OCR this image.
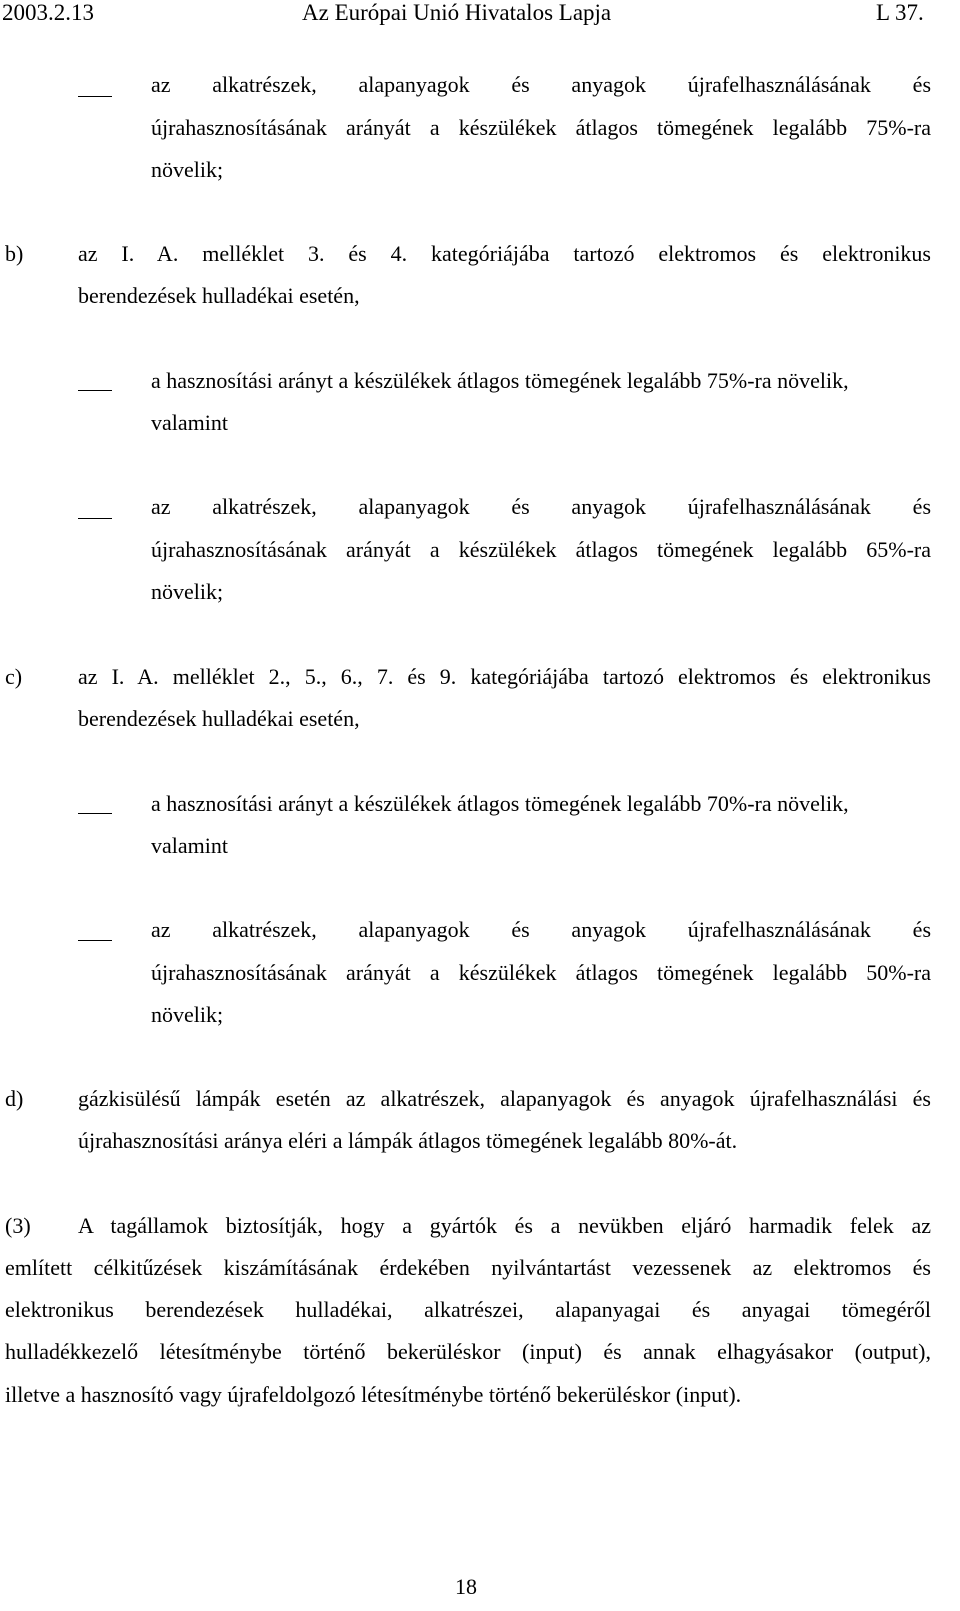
2003.2.13	Az Európai Unió Hivatalos Lapja	L 37.
az alkatrészek, alapanyagok és anyagok újrafelhasználásának és
újrahasznosításának arányát a készülékek átlagos tömegének legalább 75%-ra
növelik;
b) az I. A. melléklet 3. és 4. kategóriájába tartozó elektromos és elektronikus
berendezések hulladékai esetén,
a hasznosítási arányt a készülékek átlagos tömegének legalább 75%-ra növelik,
valamint
az alkatrészek, alapanyagok és anyagok újrafelhasználásának és
újrahasznosításának arányát a készülékek átlagos tömegének legalább 65%-ra
növelik;
c)	az I. A. melléklet 2., 5., 6., 7. és 9. kategóriájába tartozó elektromos és elektronikus
berendezések hulladékai esetén,
a hasznosítási arányt a készülékek átlagos tömegének legalább 70%-ra növelik,
valamint
az alkatrészek, alapanyagok és anyagok újrafelhasználásának és
újrahasznosításának arányát a készülékek átlagos tömegének legalább 50%-ra
növelik;
d) gázkisülésű lámpák esetén az alkatrészek, alapanyagok és anyagok újrafelhasználási és
újrahasznosítási aránya eléri a lámpák átlagos tömegének legalább 80%-át.
(3) A tagállamok biztosítják, hogy a gyártók és a nevükben eljáró harmadik felek az
említett célkitűzések kiszámításának érdekében nyilvántartást vezessenek az elektromos és
elektronikus berendezések hulladékai, alkatrészei, alapanyagai és anyagai tömegéről
hulladékkezelő létesítménybe történő bekerüléskor (input) és annak elhagyásakor (output),
illetve a hasznosító vagy újrafeldolgozó létesítménybe történő bekerüléskor (input).
18
